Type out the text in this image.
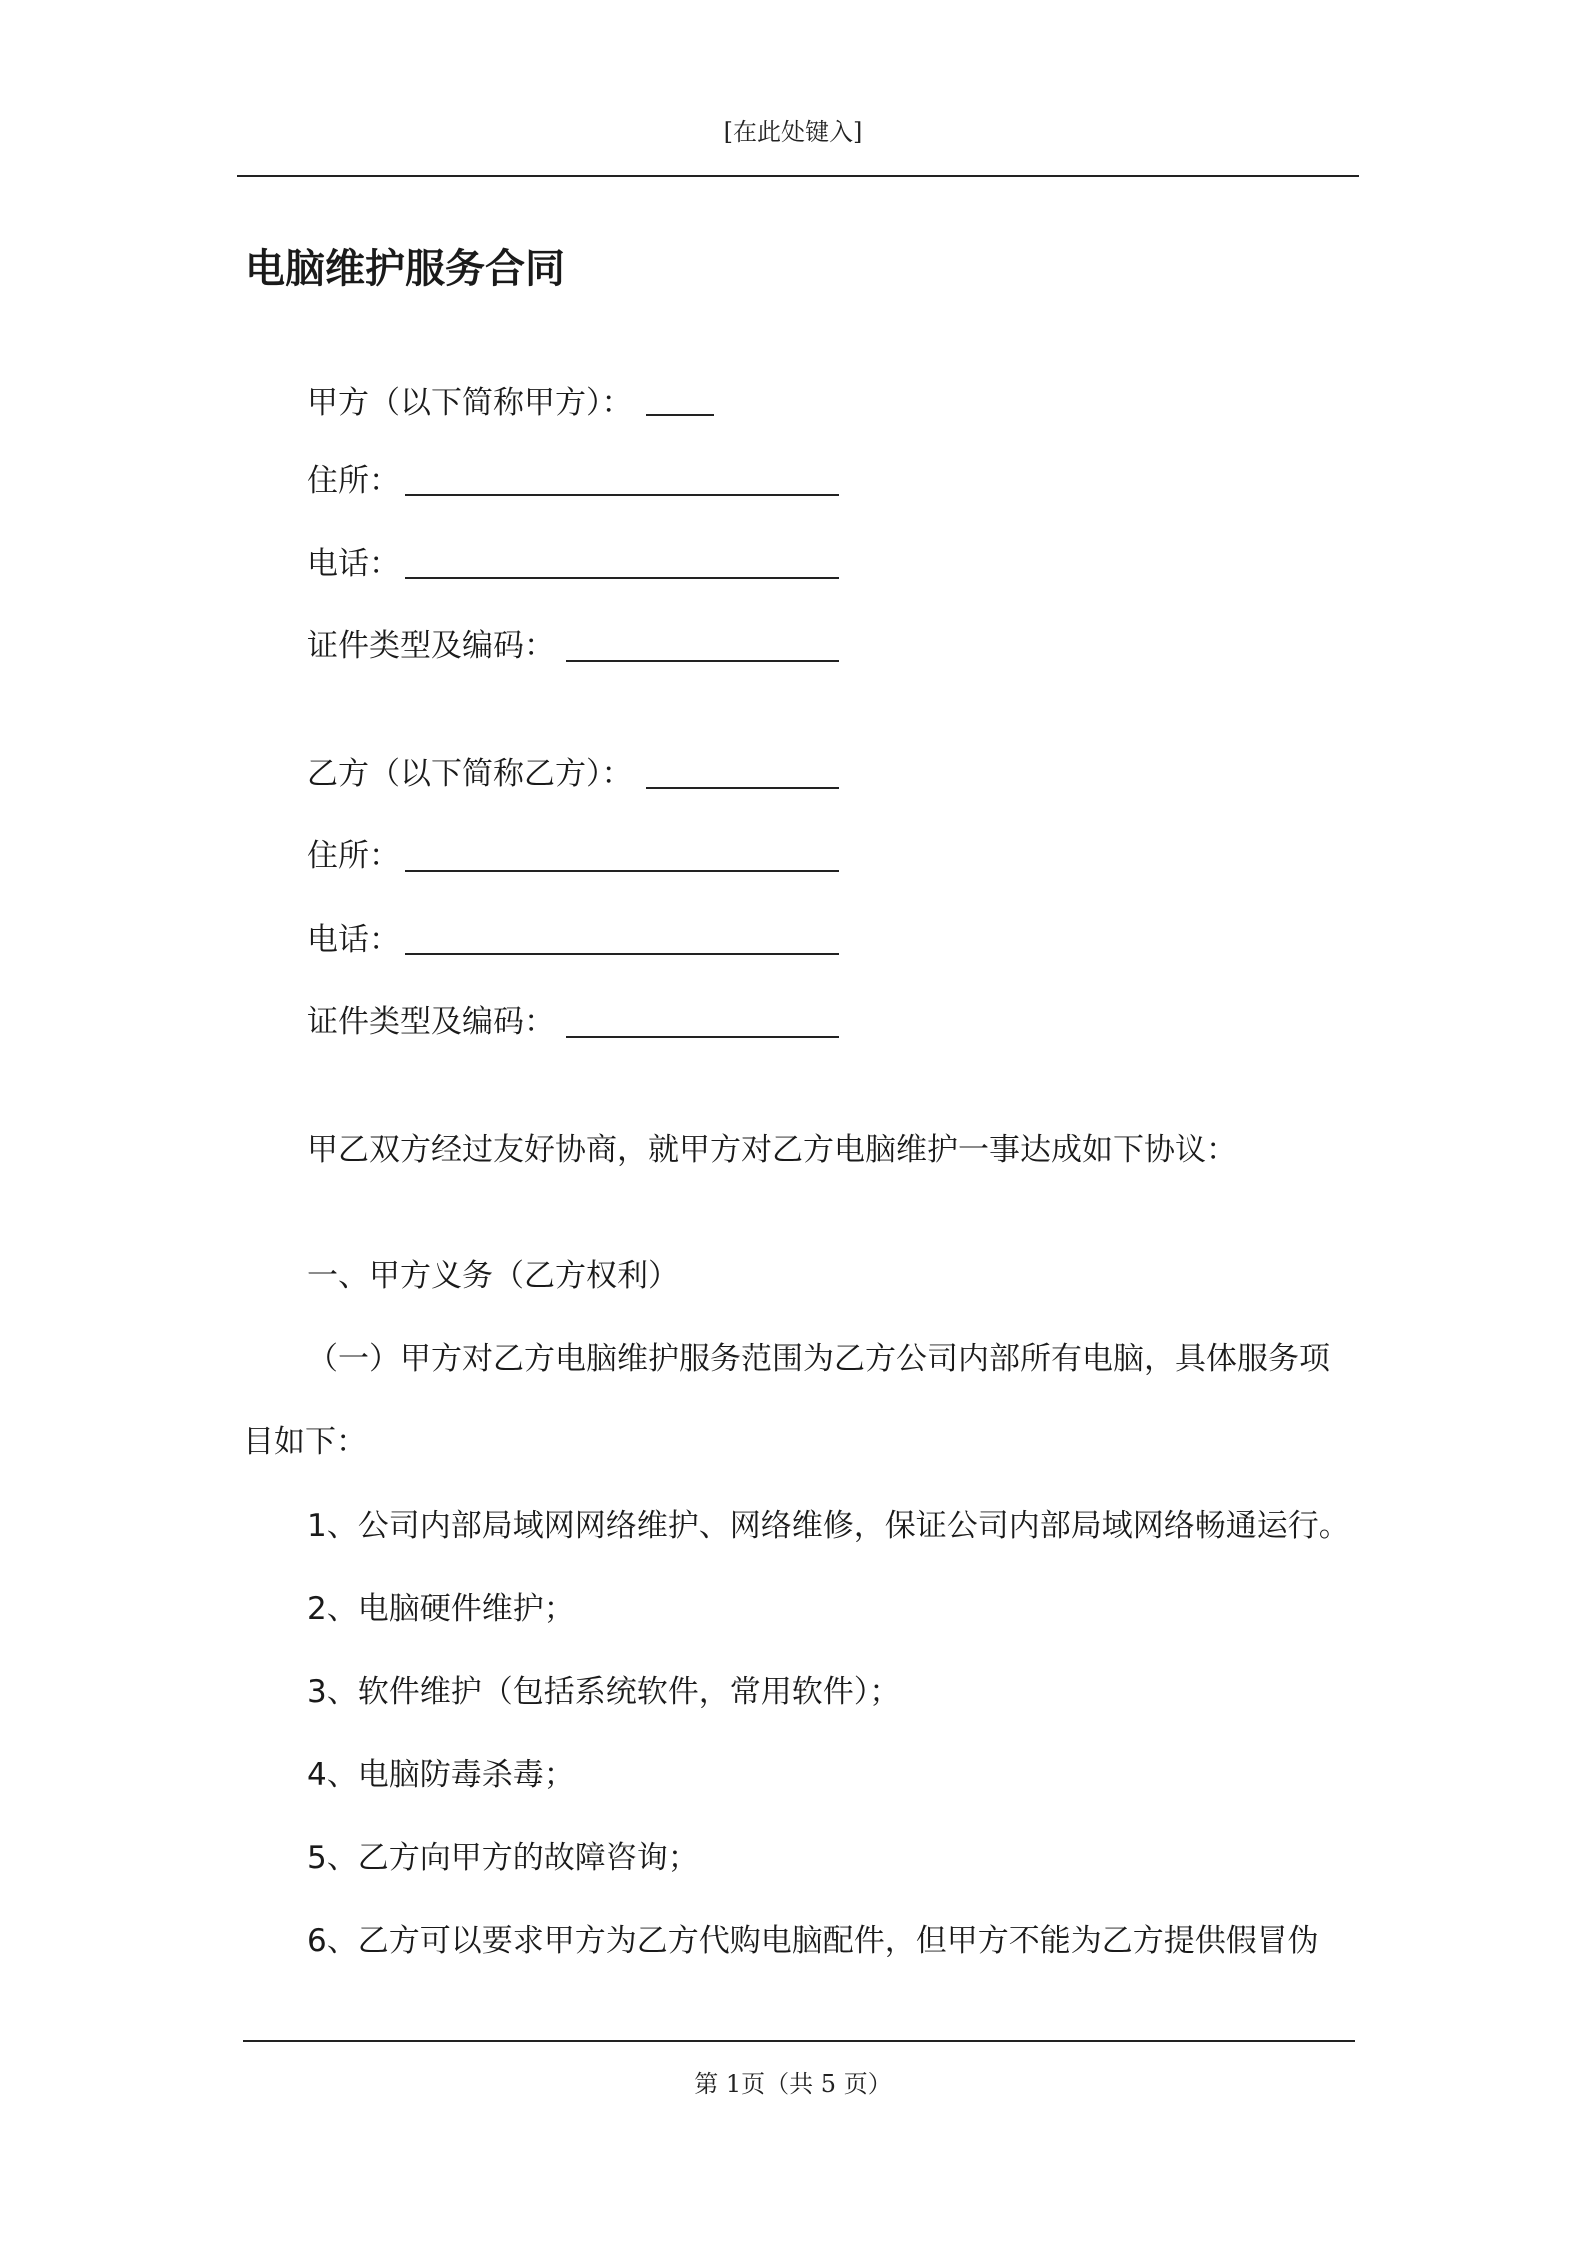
[在此处键入]
电脑维护服务合同
甲方（以下简称甲方）：
住所：
电话：
证件类型及编码：
乙方（以下简称乙方）：
住所：
电话：
证件类型及编码：
甲乙双方经过友好协商，就甲方对乙方电脑维护一事达成如下协议：
一、甲方义务（乙方权利）
（一）甲方对乙方电脑维护服务范围为乙方公司内部所有电脑，具体服务项
目如下：
1、公司内部局域网网络维护、网络维修，保证公司内部局域网络畅通运行。
2、电脑硬件维护；
3、软件维护（包括系统软件，常用软件）；
4、电脑防毒杀毒；
5、乙方向甲方的故障咨询；
6、乙方可以要求甲方为乙方代购电脑配件，但甲方不能为乙方提供假冒伪
第 1页（共 5 页）
